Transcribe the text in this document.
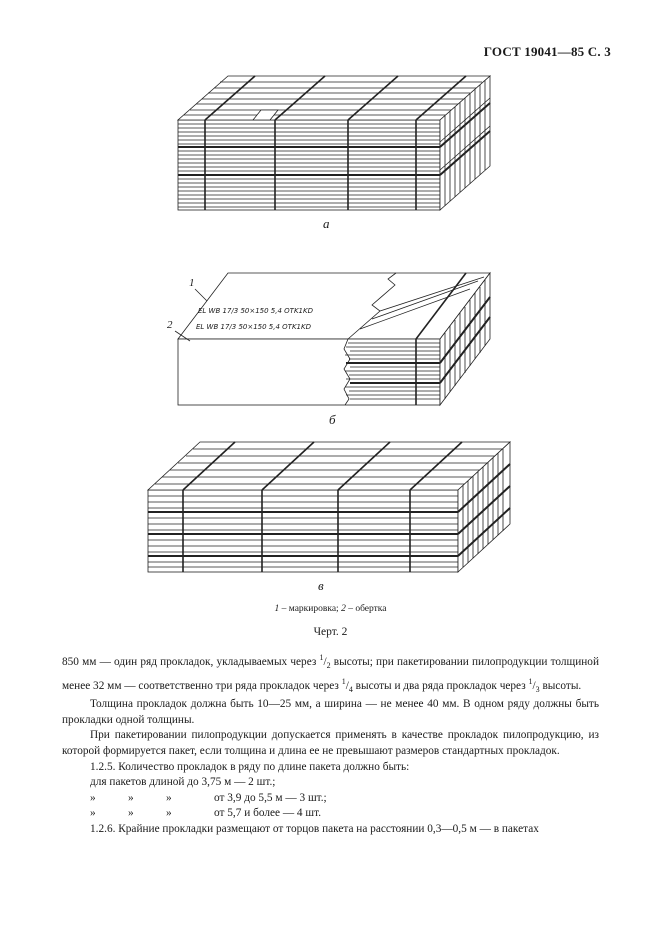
ГОСТ 19041—85 С. 3
а
1
2
EL WB 17/3 50×150 5,4 OTK1KD
EL WB 17/3 50×150 5,4 OTK1KD
б
в
1 – маркировка; 2 – обертка
Черт. 2

850 мм — один ряд прокладок, укладываемых через $^1/_2$ высоты; при пакетировании пилопродукции толщиной менее 32 мм — соответственно три ряда прокладок через $^1/_4$ высоты и два ряда прокладок через $^1/_3$ высоты.

Толщина прокладок должна быть 10—25 мм, а ширина — не менее 40 мм. В одном ряду должны быть прокладки одной толщины.

При пакетировании пилопродукции допускается применять в качестве прокладок пилопродукцию, из которой формируется пакет, если толщина и длина ее не превышают размеров стандартных прокладок.

1.2.5. Количество прокладок в ряду по длине пакета должно быть:

для пакетов длиной до 3,75 м — 2 шт.;

»	»	»	от 3,9 до 5,5 м — 3 шт.;
»	»	»	от 5,7 и более — 4 шт.

1.2.6. Крайние прокладки размещают от торцов пакета на расстоянии 0,3—0,5 м — в пакетах
